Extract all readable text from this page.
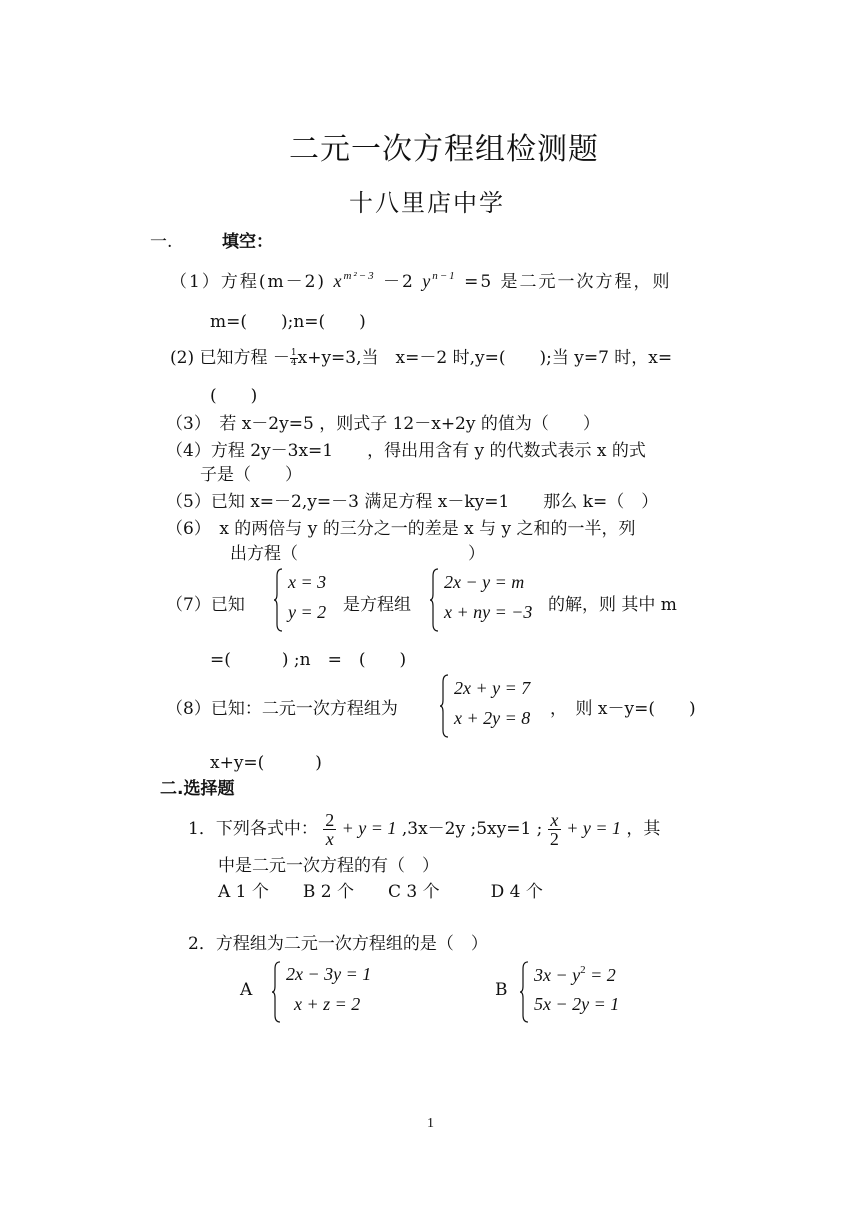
二元一次方程组检测题
十八里店中学
一.	填空：
（1）方程(m－2) $x^{m^2-3} -2$ $y^{n-1} =5$ 是二元一次方程，则
m=(　　);n=(　　)
(2) 已知方程 － $\frac{1}{4} x+y=3$,当　x=－2 时,y=(　　);当 y=7 时，x=
(　　)
（3）　若 x－2y=5 ，则式子 12－x+2y 的值为（　　）
（4）方程 2y－3x=1　　，得出用含有 y 的代数式表示 x 的式
子是（　　）
（5）已知 x=－2,y=－3 满足方程 x－ky=1　　那么 k=（　）
（6）　x 的两倍与 y 的三分之一的差是 x 与 y 之和的一半，列
出方程（　　　　　　　　　　）
（7）已知
x = 3
y = 2 是方程组
2x − y = m
x + ny = −3 的解，则 其中 m
=(　　　) ;n　=　(　　)
（8）已知：二元一次方程组为
2x + y = 7
x + 2y = 8 ，　则 x－y=(　　)
x+y=(　　　)
二.选择题
1．下列各式中： $\frac{2}{x} + y = 1$ ,3x－2y ;5xy=1 ; $\frac{x}{2} + y = 1$ ，其
中是二元一次方程的有（　）
A 1 个　　B 2 个　　C 3 个　　　D 4 个
2．方程组为二元一次方程组的是（　）
A
2x − 3y = 1
x + z = 2
B
$3x - y^2 = 2$
5x − 2y = 1
1
